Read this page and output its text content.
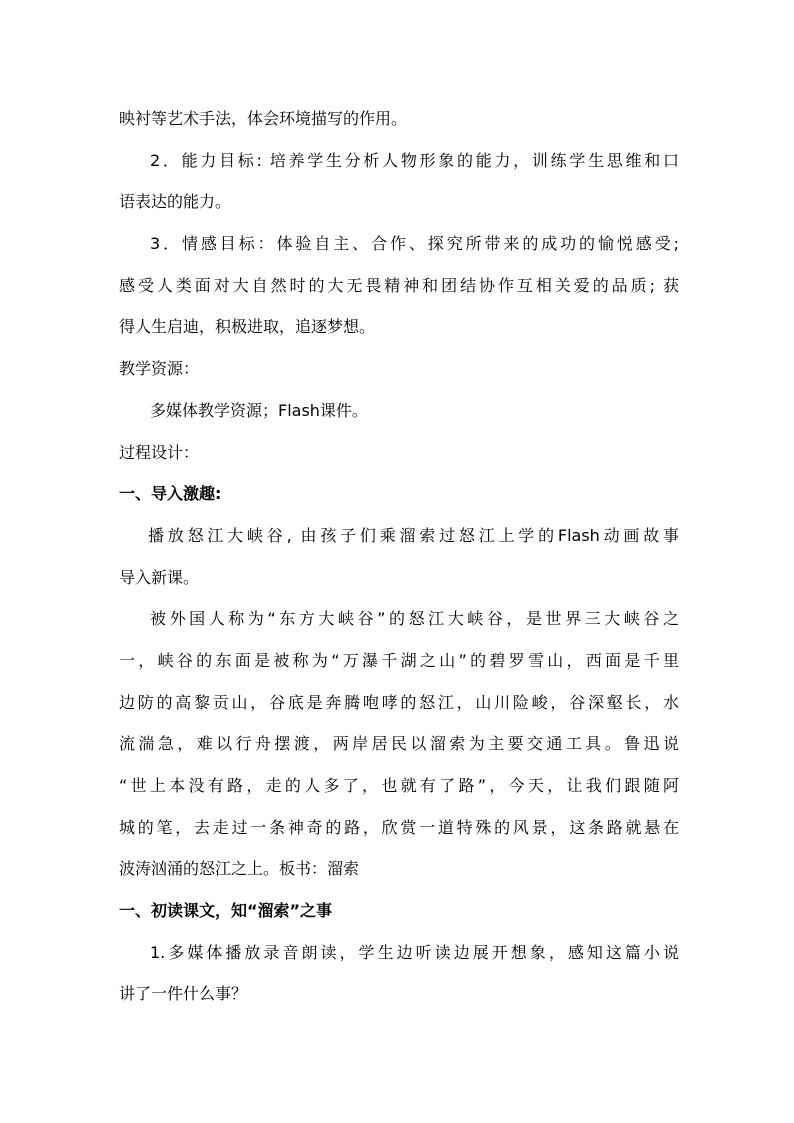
映衬等艺术手法，体会环境描写的作用。
2．能力目标: 培养学生分析人物形象的能力，训练学生思维和口
语表达的能力。
3．情感目标：体验自主、合作、探究所带来的成功的愉悦感受;
感受人类面对大自然时的大无畏精神和团结协作互相关爱的品质; 获
得人生启迪，积极进取，追逐梦想。
教学资源：
多媒体教学资源；Flash课件。
过程设计：
一、导入激趣:
播放怒江大峡谷, 由孩子们乘溜索过怒江上学的Flash动画故事
导入新课。
被外国人称为“东方大峡谷”的怒江大峡谷，是世界三大峡谷之
一，峡谷的东面是被称为“万瀑千湖之山”的碧罗雪山，西面是千里
边防的高黎贡山，谷底是奔腾咆哮的怒江，山川险峻，谷深壑长，水
流湍急，难以行舟摆渡，两岸居民以溜索为主要交通工具。鲁迅说
“世上本没有路，走的人多了，也就有了路”，今天，让我们跟随阿
城的笔，去走过一条神奇的路，欣赏一道特殊的风景，这条路就悬在
波涛汹涌的怒江之上。板书：溜索
一、初读课文，知“溜索”之事
1.多媒体播放录音朗读，学生边听读边展开想象，感知这篇小说
讲了一件什么事？
